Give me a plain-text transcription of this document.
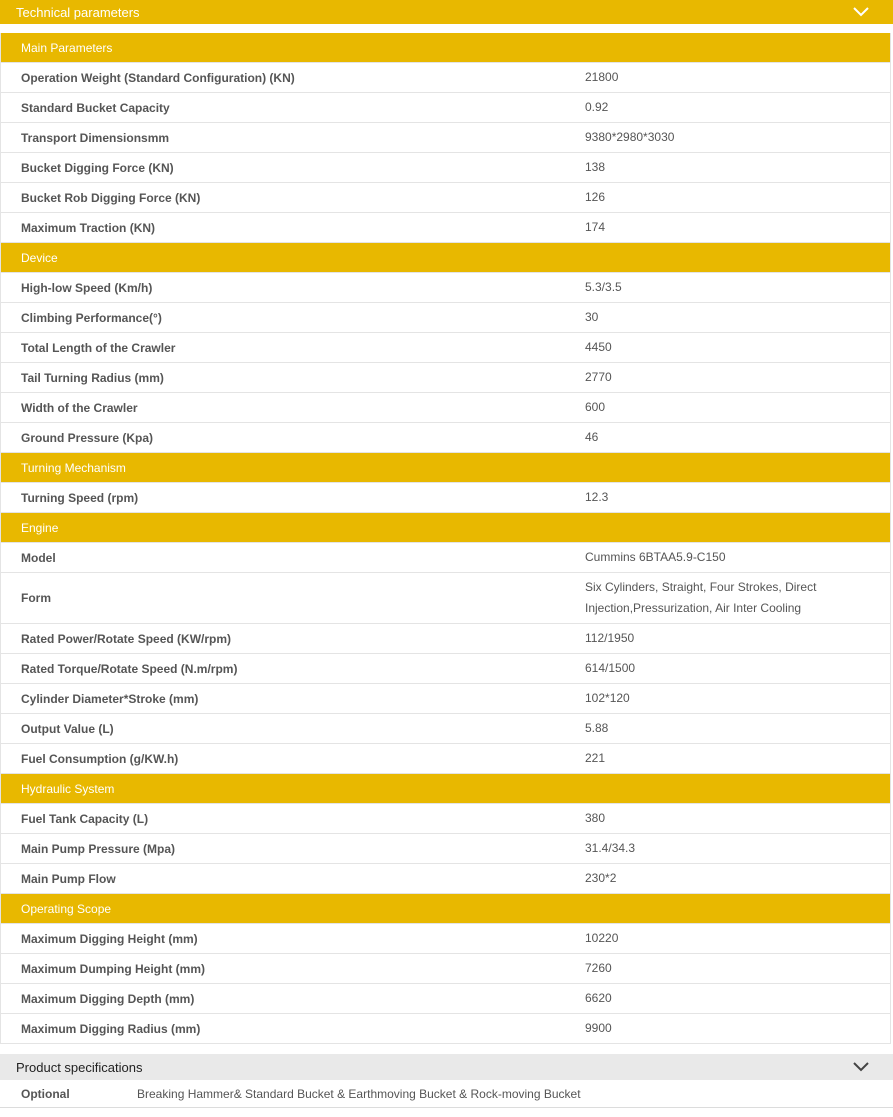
Technical parameters
Main Parameters	
Operation Weight (Standard Configuration) (KN)	21800
Standard Bucket Capacity	0.92
Transport Dimensionsmm	9380*2980*3030
Bucket Digging Force (KN)	138
Bucket Rob Digging Force (KN)	126
Maximum Traction (KN)	174
Device	
High-low Speed (Km/h)	5.3/3.5
Climbing Performance(°)	30
Total Length of the Crawler	4450
Tail Turning Radius (mm)	2770
Width of the Crawler	600
Ground Pressure (Kpa)	46
Turning Mechanism	
Turning Speed (rpm)	12.3
Engine	
Model	Cummins 6BTAA5.9-C150
Form	Six Cylinders, Straight, Four Strokes, Direct Injection,Pressurization, Air Inter Cooling
Rated Power/Rotate Speed (KW/rpm)	112/1950
Rated Torque/Rotate Speed (N.m/rpm)	614/1500
Cylinder Diameter*Stroke (mm)	102*120
Output Value (L)	5.88
Fuel Consumption (g/KW.h)	221
Hydraulic System	
Fuel Tank Capacity (L)	380
Main Pump Pressure (Mpa)	31.4/34.3
Main Pump Flow	230*2
Operating Scope	
Maximum Digging Height (mm)	10220
Maximum Dumping Height (mm)	7260
Maximum Digging Depth (mm)	6620
Maximum Digging Radius (mm)	9900
Product specifications
Optional	Breaking Hammer& Standard Bucket & Earthmoving Bucket & Rock-moving Bucket
